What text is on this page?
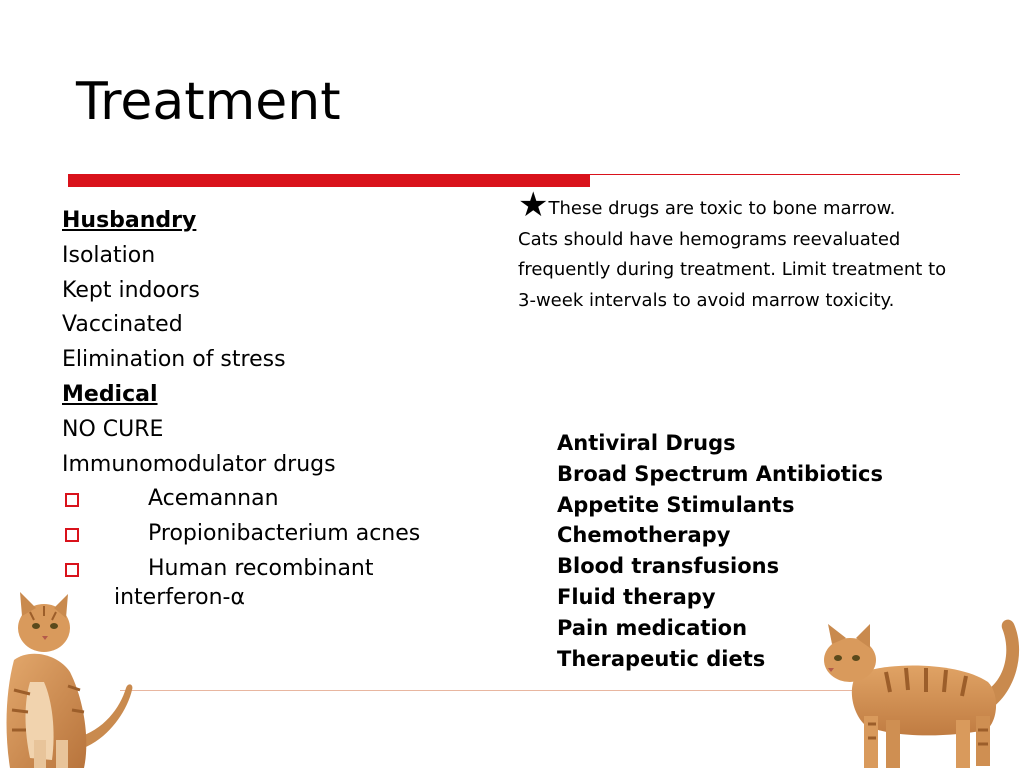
Treatment
Husbandry
Isolation
Kept indoors
Vaccinated
Elimination of stress
Medical
NO CURE
Immunomodulator drugs
Acemannan
Propionibacterium acnes
Human recombinant
interferon-α
★These drugs are toxic to bone marrow.
Cats should have hemograms reevaluated frequently during treatment. Limit treatment to 3-week intervals to avoid marrow toxicity.
Antiviral Drugs
Broad Spectrum Antibiotics
Appetite Stimulants
Chemotherapy
Blood transfusions
Fluid therapy
Pain medication
Therapeutic diets
